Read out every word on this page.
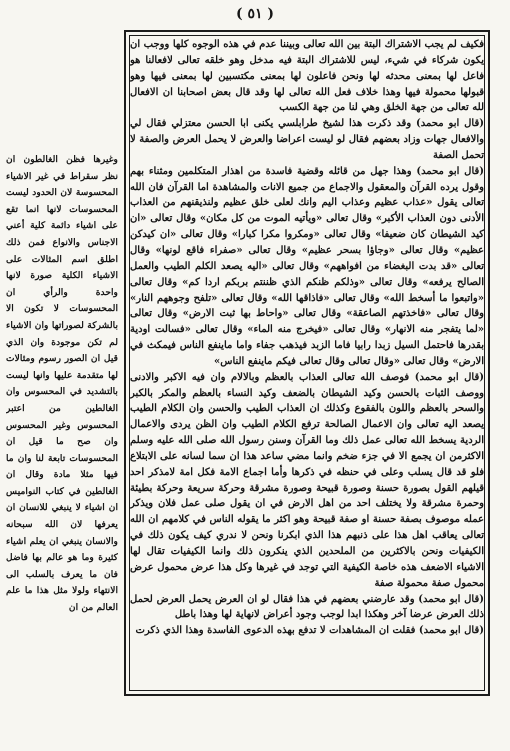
( ٥١ )

فكيف لم يجب الاشتراك البتة بين الله تعالى وبيننا عدم في هذه الوجوه كلها ووجب ان يكون شركاء في شيء، ليس للاشتراك البتة فيه مدخل وهو خلقه تعالى لافعالنا هو فاعل لها بمعنى محدثه لها ونحن فاعلون لها بمعنى مكتسبين لها بمعنى فيها وهو قبولها محمولة فيها وهذا خلاف فعل الله تعالى لها وقد قال بعض اصحابنا ان الافعال لله تعالى من جهة الخلق وهي لنا من جهة الكسب

(قال ابو محمد) وقد ذكرت هذا لشيخ طرابلسي يكنى ابا الحسن معتزلي فقال لي والافعال جهات وزاد بعضهم فقال لو ليست اعراضا والعرض لا يحمل العرض والصفة لا تحمل الصفة

(قال ابو محمد) وهذا جهل من قائله وقضية فاسدة من اهذار المتكلمين ومثناء بهم وقول يرده القرآن والمعقول والاجماع من جميع الانات والمشاهدة اما القرآن فان الله تعالى يقول «عذاب عظيم وعذاب اليم وانك لعلى خلق عظيم ولنذيقنهم من العذاب الأدنى دون العذاب الأكبر» وقال تعالى «ويأتيه الموت من كل مكان» وقال تعالى «ان كيد الشيطان كان ضعيفا» وقال تعالى «ومكروا مكرا كبارا» وقال تعالى «ان كيدكن عظيم» وقال تعالى «وجاؤا بسحر عظيم» وقال تعالى «صفراء فاقع لونها» وقال تعالى «قد بدت البغضاء من افواههم» وقال تعالى «اليه يصعد الكلم الطيب والعمل الصالح يرفعه» وقال تعالى «وذلكم ظنكم الذي ظننتم بربكم اردا كم» وقال تعالى «واتبعوا ما أسخط الله» وقال تعالى «فاذاقها الله» وقال تعالى «تلفح وجوههم النار» وقال تعالى «فاخذتهم الصاعقة» وقال تعالى «واحاط بها ثبت الارض» وقال تعالى «لما يتفجر منه الانهار» وقال تعالى «فيخرج منه الماء» وقال تعالى «فسالت اودية بقدرها فاحتمل السيل زبدا رابيا فاما الزبد فيذهب جفاء واما ماينفع الناس فيمكث في الارض» وقال تعالى «وقال تعالى وقال تعالى فيكم ماينفع الناس»

(قال ابو محمد) فوصف الله تعالى العذاب بالعظم وبالالام وان فيه الاكبر والادنى ووصف الثبات بالحسن وكيد الشيطان بالضعف وكيد النساء بالعظم والمكر بالكبر والسحر بالعظم واللون بالفقوع وكذلك ان العذاب الطيب والحسن وان الكلام الطيب يصعد اليه تعالى وان الاعمال الصالحة ترفع الكلام الطيب وان الظن يردى والاعمال الردية يسخط الله تعالى عمل ذلك وما القرآن وسنن رسول الله صلى الله عليه وسلم الاكثرمن ان يجمع الا في جزء ضخم وانما مضي ساعد هذا ان سما لسانه على الابتلاع فلو قد قال يسلب وعلى في حنظه في ذكرها وأما اجماع الامة فكل امة لامذكر احد قيلهم القول بصورة حسنة وصورة قبيحة وصورة مشرقة وحركة سريعة وحركة بطيئة وحمرة مشرقة ولا يختلف احد من اهل الارض في ان يقول صلى عمل فلان ويذكر عمله موصوف بصفة حسنة او صفة قبيحة وهو اكثر ما يقوله الناس في كلامهم ان الله تعالى يعاقب اهل هذا على ذنبهم هذا الذي ابكرنا ونحن لا ندري كيف يكون ذلك في الكيفيات ونحن بالاكثرين من الملحدين الذي ينكرون ذلك وانما الكيفيات تقال لها الاشياء الاضعف هذه خاصة الكيفية التي توجد في غيرها وكل هذا عرض محمول عرض محمول صفة محمولة صفة

(قال ابو محمد) وقد عارضني بعضهم في هذا فقال لو ان العرض يحمل العرض لحمل ذلك العرض عرضا آخر وهكذا ابدا لوجب وجود أعراض لانهاية لها وهذا باطل

(قال ابو محمد) فقلت ان المشاهدات لا تدفع بهذه الدعوى الفاسدة وهذا الذي ذكرت

وغيرها فظن الغالطون ان نظر سقراط في غير الاشياء المحسوسة لان الحدود ليست المحسوسات لانها انما تقع على اشياء دائمة كلية أعني الاجناس والانواع فمن ذلك اطلق اسم المثالات على الاشياء الكلية صورة لانها واحدة والرأي ان المحسوسات لا تكون الا بالشركة لصوراتها وان الاشياء لم تكن موجودة وان الذي قيل ان الصور رسوم ومثالات لها متقدمة عليها وانها ليست بالتشديد في المحسوس وان الغالطين من اعتبر المحسوس وغير المحسوس وان صح ما قيل ان المحسوسات تابعة لنا وان ما فيها مثلا مادة وقال ان الغالطين في كتاب النواميس ان اشياء لا ينبغي للانسان ان يعرفها لان الله سبحانه والانسان ينبغي ان يعلم اشياء كثيرة وما هو عالم بها فاضل فان ما يعرف بالسلب الى الانتهاء ولولا مثل هذا ما علم العالم من ان
